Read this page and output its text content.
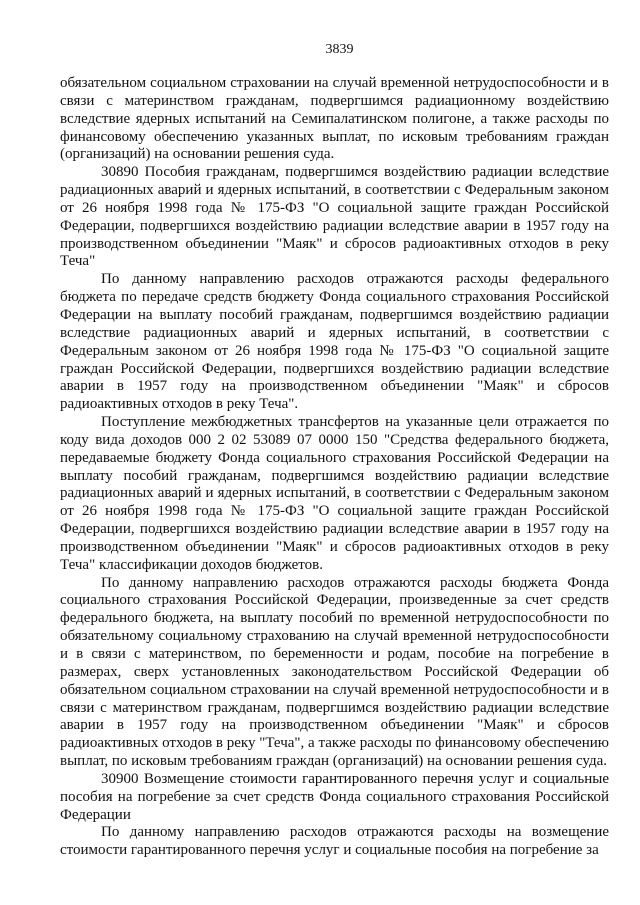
3839

обязательном социальном страховании на случай временной нетрудоспособности и в связи с материнством гражданам, подвергшимся радиационному воздействию вследствие ядерных испытаний на Семипалатинском полигоне, а также расходы по финансовому обеспечению указанных выплат, по исковым требованиям граждан (организаций) на основании решения суда.

30890 Пособия гражданам, подвергшимся воздействию радиации вследствие радиационных аварий и ядерных испытаний, в соответствии с Федеральным законом от 26 ноября 1998 года № 175-ФЗ "О социальной защите граждан Российской Федерации, подвергшихся воздействию радиации вследствие аварии в 1957 году на производственном объединении "Маяк" и сбросов радиоактивных отходов в реку Теча"

По данному направлению расходов отражаются расходы федерального бюджета по передаче средств бюджету Фонда социального страхования Российской Федерации на выплату пособий гражданам, подвергшимся воздействию радиации вследствие радиационных аварий и ядерных испытаний, в соответствии с Федеральным законом от 26 ноября 1998 года № 175-ФЗ "О социальной защите граждан Российской Федерации, подвергшихся воздействию радиации вследствие аварии в 1957 году на производственном объединении "Маяк" и сбросов радиоактивных отходов в реку Теча".

Поступление межбюджетных трансфертов на указанные цели отражается по коду вида доходов 000 2 02 53089 07 0000 150 "Средства федерального бюджета, передаваемые бюджету Фонда социального страхования Российской Федерации на выплату пособий гражданам, подвергшимся воздействию радиации вследствие радиационных аварий и ядерных испытаний, в соответствии с Федеральным законом от 26 ноября 1998 года № 175-ФЗ "О социальной защите граждан Российской Федерации, подвергшихся воздействию радиации вследствие аварии в 1957 году на производственном объединении "Маяк" и сбросов радиоактивных отходов в реку Теча" классификации доходов бюджетов.

По данному направлению расходов отражаются расходы бюджета Фонда социального страхования Российской Федерации, произведенные за счет средств федерального бюджета, на выплату пособий по временной нетрудоспособности по обязательному социальному страхованию на случай временной нетрудоспособности и в связи с материнством, по беременности и родам, пособие на погребение в размерах, сверх установленных законодательством Российской Федерации об обязательном социальном страховании на случай временной нетрудоспособности и в связи с материнством гражданам, подвергшимся воздействию радиации вследствие аварии в 1957 году на производственном объединении "Маяк" и сбросов радиоактивных отходов в реку "Теча", а также расходы по финансовому обеспечению выплат, по исковым требованиям граждан (организаций) на основании решения суда.

30900 Возмещение стоимости гарантированного перечня услуг и социальные пособия на погребение за счет средств Фонда социального страхования Российской Федерации

По данному направлению расходов отражаются расходы на возмещение стоимости гарантированного перечня услуг и социальные пособия на погребение за
